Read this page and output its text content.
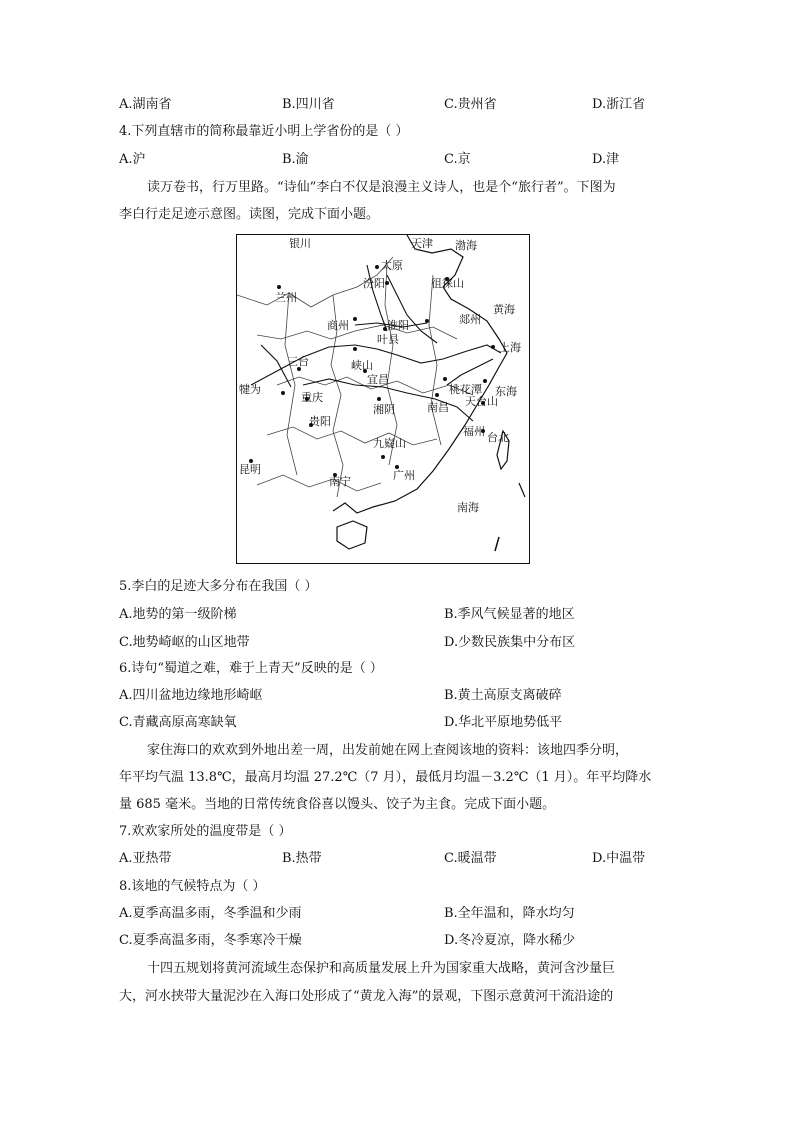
A.湖南省	B.四川省	C.贵州省	D.浙江省
4.下列直辖市的简称最靠近小明上学省份的是（ ）
A.沪	B.渝	C.京	D.津
读万卷书，行万里路。“诗仙”李白不仅是浪漫主义诗人，也是个“旅行者”。下图为
李白行走足迹示意图。读图，完成下面小题。
银川	天津 渤海
太原
汾阳	徂徕山
兰州
黄海
商州	淮阳	郯州
叶县
上海
三台	峡山
宜昌
桃花潭 东海
犍为
重庆
湘阴	南昌 天台山
贵阳
福州 台北
九嶷山
昆明
南宁	广州
南海
5.李白的足迹大多分布在我国（ ）
A.地势的第一级阶梯	B.季风气候显著的地区
C.地势崎岖的山区地带	D.少数民族集中分布区
6.诗句“蜀道之难，难于上青天”反映的是（ ）
A.四川盆地边缘地形崎岖	B.黄土高原支离破碎
C.青藏高原高寒缺氧	D.华北平原地势低平
家住海口的欢欢到外地出差一周，出发前她在网上查阅该地的资料：该地四季分明，
年平均气温 13.8℃，最高月均温 27.2℃（7 月），最低月均温－3.2℃（1 月）。年平均降水
量 685 毫米。当地的日常传统食俗喜以馒头、饺子为主食。完成下面小题。
7.欢欢家所处的温度带是（ ）
A.亚热带	B.热带	C.暖温带	D.中温带
8.该地的气候特点为（ ）
A.夏季高温多雨，冬季温和少雨	B.全年温和，降水均匀
C.夏季高温多雨，冬季寒冷干燥	D.冬冷夏凉，降水稀少
十四五规划将黄河流域生态保护和高质量发展上升为国家重大战略，黄河含沙量巨
大，河水挟带大量泥沙在入海口处形成了“黄龙入海”的景观，下图示意黄河干流沿途的
